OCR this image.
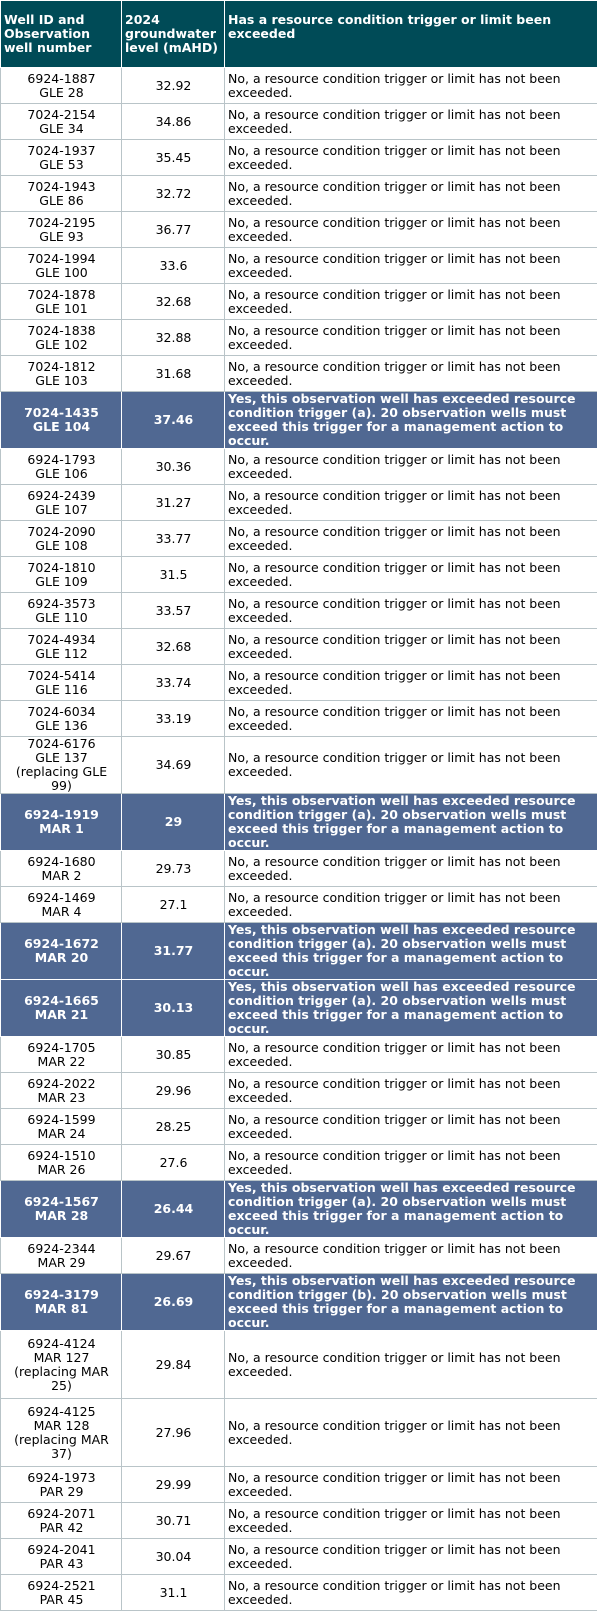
Well ID and Observation well number	2024 groundwater level (mAHD)	Has a resource condition trigger or limit been exceeded

6924-1887
GLE 28	32.92	No, a resource condition trigger or limit has not been exceeded.

7024-2154
GLE 34	34.86	No, a resource condition trigger or limit has not been exceeded.

7024-1937
GLE 53	35.45	No, a resource condition trigger or limit has not been exceeded.

7024-1943
GLE 86	32.72	No, a resource condition trigger or limit has not been exceeded.

7024-2195
GLE 93	36.77	No, a resource condition trigger or limit has not been exceeded.

7024-1994
GLE 100	33.6	No, a resource condition trigger or limit has not been exceeded.

7024-1878
GLE 101	32.68	No, a resource condition trigger or limit has not been exceeded.

7024-1838
GLE 102	32.88	No, a resource condition trigger or limit has not been exceeded.

7024-1812
GLE 103	31.68	No, a resource condition trigger or limit has not been exceeded.

7024-1435
GLE 104	37.46	Yes, this observation well has exceeded resource condition trigger (a). 20 observation wells must exceed this trigger for a management action to occur.

6924-1793
GLE 106	30.36	No, a resource condition trigger or limit has not been exceeded.

6924-2439
GLE 107	31.27	No, a resource condition trigger or limit has not been exceeded.

7024-2090
GLE 108	33.77	No, a resource condition trigger or limit has not been exceeded.

7024-1810
GLE 109	31.5	No, a resource condition trigger or limit has not been exceeded.

6924-3573
GLE 110	33.57	No, a resource condition trigger or limit has not been exceeded.

7024-4934
GLE 112	32.68	No, a resource condition trigger or limit has not been exceeded.

7024-5414
GLE 116	33.74	No, a resource condition trigger or limit has not been exceeded.

7024-6034
GLE 136	33.19	No, a resource condition trigger or limit has not been exceeded.

7024-6176
GLE 137 (replacing GLE 99)	34.69	No, a resource condition trigger or limit has not been exceeded.

6924-1919
MAR 1	29	Yes, this observation well has exceeded resource condition trigger (a). 20 observation wells must exceed this trigger for a management action to occur.

6924-1680
MAR 2	29.73	No, a resource condition trigger or limit has not been exceeded.

6924-1469
MAR 4	27.1	No, a resource condition trigger or limit has not been exceeded.

6924-1672
MAR 20	31.77	Yes, this observation well has exceeded resource condition trigger (a). 20 observation wells must exceed this trigger for a management action to occur.

6924-1665
MAR 21	30.13	Yes, this observation well has exceeded resource condition trigger (a). 20 observation wells must exceed this trigger for a management action to occur.

6924-1705
MAR 22	30.85	No, a resource condition trigger or limit has not been exceeded.

6924-2022
MAR 23	29.96	No, a resource condition trigger or limit has not been exceeded.

6924-1599
MAR 24	28.25	No, a resource condition trigger or limit has not been exceeded.

6924-1510
MAR 26	27.6	No, a resource condition trigger or limit has not been exceeded.

6924-1567
MAR 28	26.44	Yes, this observation well has exceeded resource condition trigger (a). 20 observation wells must exceed this trigger for a management action to occur.

6924-2344
MAR 29	29.67	No, a resource condition trigger or limit has not been exceeded.

6924-3179
MAR 81	26.69	Yes, this observation well has exceeded resource condition trigger (b). 20 observation wells must exceed this trigger for a management action to occur.

6924-4124
MAR 127 (replacing MAR 25)	29.84	No, a resource condition trigger or limit has not been exceeded.

6924-4125
MAR 128 (replacing MAR 37)	27.96	No, a resource condition trigger or limit has not been exceeded.

6924-1973
PAR 29	29.99	No, a resource condition trigger or limit has not been exceeded.

6924-2071
PAR 42	30.71	No, a resource condition trigger or limit has not been exceeded.

6924-2041
PAR 43	30.04	No, a resource condition trigger or limit has not been exceeded.

6924-2521
PAR 45	31.1	No, a resource condition trigger or limit has not been exceeded.
